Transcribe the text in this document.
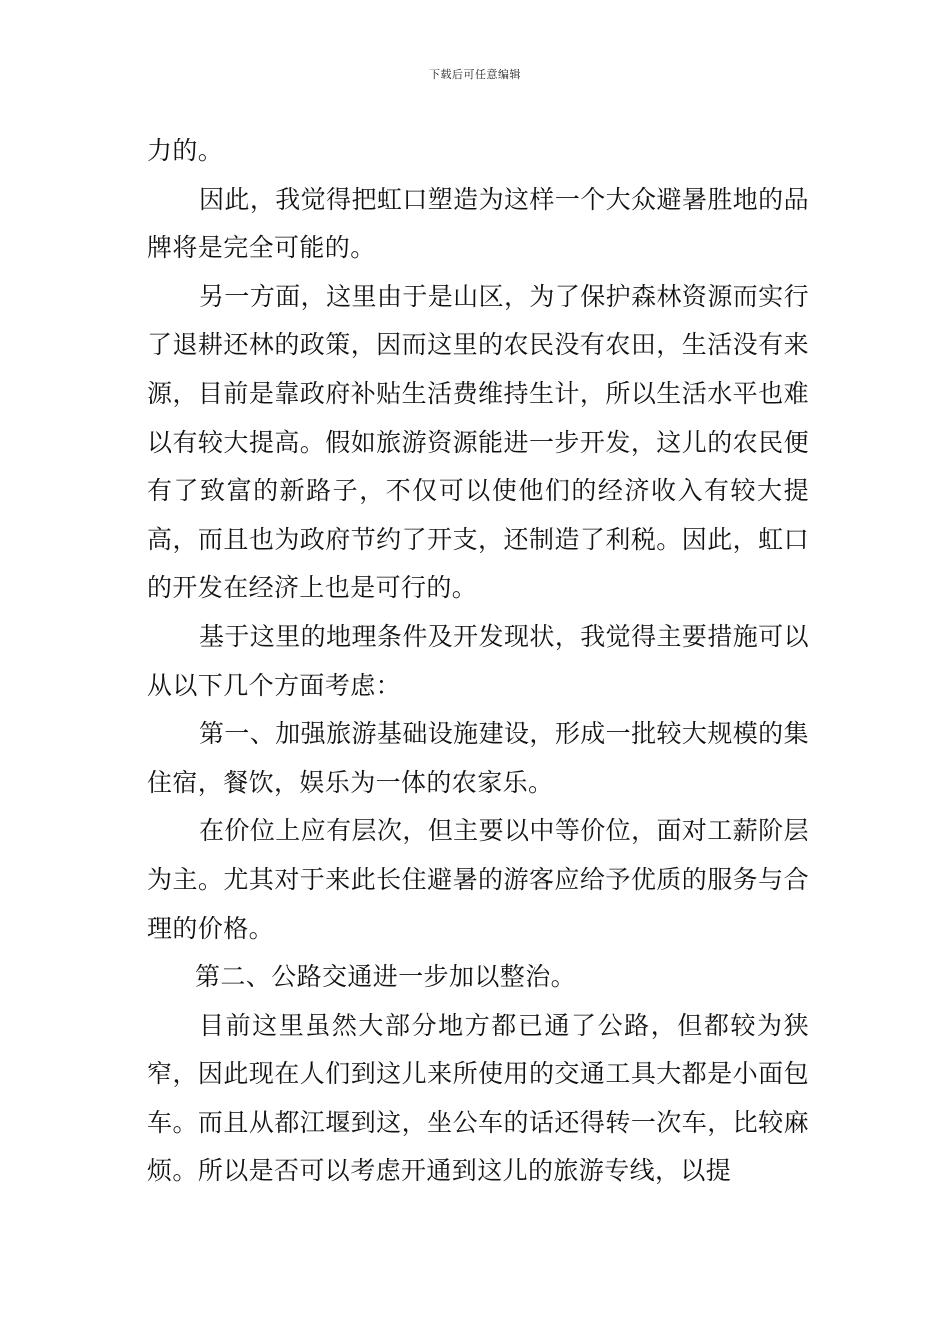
下载后可任意编辑

力的。

因此，我觉得把虹口塑造为这样一个大众避暑胜地的品牌将是完全可能的。

另一方面，这里由于是山区，为了保护森林资源而实行了退耕还林的政策，因而这里的农民没有农田，生活没有来源，目前是靠政府补贴生活费维持生计，所以生活水平也难以有较大提高。假如旅游资源能进一步开发，这儿的农民便有了致富的新路子，不仅可以使他们的经济收入有较大提高，而且也为政府节约了开支，还制造了利税。因此，虹口的开发在经济上也是可行的。

基于这里的地理条件及开发现状，我觉得主要措施可以从以下几个方面考虑：

第一、加强旅游基础设施建设，形成一批较大规模的集住宿，餐饮，娱乐为一体的农家乐。

在价位上应有层次，但主要以中等价位，面对工薪阶层为主。尤其对于来此长住避暑的游客应给予优质的服务与合理的价格。

第二、公路交通进一步加以整治。

目前这里虽然大部分地方都已通了公路，但都较为狭窄，因此现在人们到这儿来所使用的交通工具大都是小面包车。而且从都江堰到这，坐公车的话还得转一次车，比较麻烦。所以是否可以考虑开通到这儿的旅游专线，以提
